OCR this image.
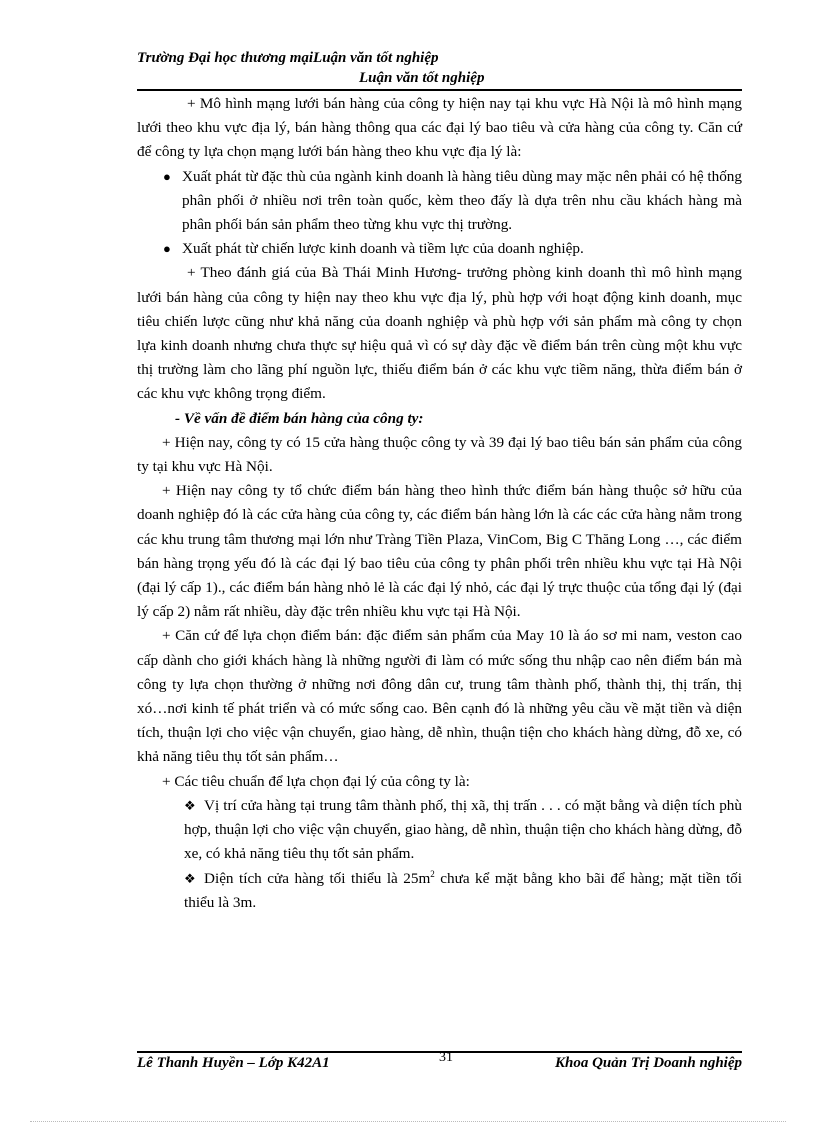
Trường Đại học thương mạiLuận văn tốt nghiệp
Luận văn tốt nghiệp

+ Mô hình mạng lưới bán hàng của công ty hiện nay tại khu vực Hà Nội là mô hình mạng lưới theo khu vực địa lý, bán hàng thông qua các đại lý bao tiêu và cửa hàng của công ty. Căn cứ để công ty lựa chọn mạng lưới bán hàng theo khu vực địa lý là:

● Xuất phát từ đặc thù của ngành kinh doanh là hàng tiêu dùng may mặc nên phải có hệ thống phân phối ở nhiều nơi trên toàn quốc, kèm theo đấy là dựa trên nhu cầu khách hàng mà phân phối bán sản phẩm theo từng khu vực thị trường.
● Xuất phát từ chiến lược kinh doanh và tiềm lực của doanh nghiệp.

+ Theo đánh giá của Bà Thái Minh Hương- trưởng phòng kinh doanh thì mô hình mạng lưới bán hàng của công ty hiện nay theo khu vực địa lý, phù hợp với hoạt động kinh doanh, mục tiêu chiến lược cũng như khả năng của doanh nghiệp và phù hợp với sản phẩm mà công ty chọn lựa kinh doanh nhưng chưa thực sự hiệu quả vì có sự dày đặc về điểm bán trên cùng một khu vực thị trường làm cho lãng phí nguồn lực, thiếu điểm bán ở các khu vực tiềm năng, thừa điểm bán ở các khu vực không trọng điểm.

- Về vấn đề điểm bán hàng của công ty:

+ Hiện nay, công ty có 15 cửa hàng thuộc công ty và 39 đại lý bao tiêu bán sản phẩm của công ty tại khu vực Hà Nội.

+ Hiện nay công ty tổ chức điểm bán hàng theo hình thức điểm bán hàng thuộc sở hữu của doanh nghiệp đó là các cửa hàng của công ty, các điểm bán hàng lớn là các các cửa hàng nằm trong các khu trung tâm thương mại lớn như Tràng Tiền Plaza, VinCom, Big C Thăng Long …, các điểm bán hàng trọng yếu đó là các đại lý bao tiêu của công ty phân phối trên nhiều khu vực tại Hà Nội (đại lý cấp 1)., các điểm bán hàng nhỏ lẻ là các đại lý nhỏ, các đại lý trực thuộc của tổng đại lý (đại lý cấp 2) nằm rất nhiều, dày đặc trên nhiều khu vực tại Hà Nội.

+ Căn cứ để lựa chọn điểm bán: đặc điểm sản phẩm của May 10 là áo sơ mi nam, veston cao cấp dành cho giới khách hàng là những người đi làm có mức sống thu nhập cao nên điểm bán mà công ty lựa chọn thường ở những nơi đông dân cư, trung tâm thành phố, thành thị, thị trấn, thị xó…nơi kinh tế phát triển và có mức sống cao. Bên cạnh đó là những yêu cầu về mặt tiền và diện tích, thuận lợi cho việc vận chuyển, giao hàng, dễ nhìn, thuận tiện cho khách hàng dừng, đỗ xe, có khả năng tiêu thụ tốt sản phẩm…

+ Các tiêu chuẩn để lựa chọn đại lý của công ty là:

❖ Vị trí cửa hàng tại trung tâm thành phố, thị xã, thị trấn . . . có mặt bằng và diện tích phù hợp, thuận lợi cho việc vận chuyển, giao hàng, dễ nhìn, thuận tiện cho khách hàng dừng, đỗ xe, có khả năng tiêu thụ tốt sản phẩm.
❖ Diện tích cửa hàng tối thiểu là $25m^2$ chưa kể mặt bằng kho bãi để hàng; mặt tiền tối thiểu là 3m.
Lê Thanh Huyền – Lớp K42A1	31	Khoa Quản Trị Doanh nghiệp
